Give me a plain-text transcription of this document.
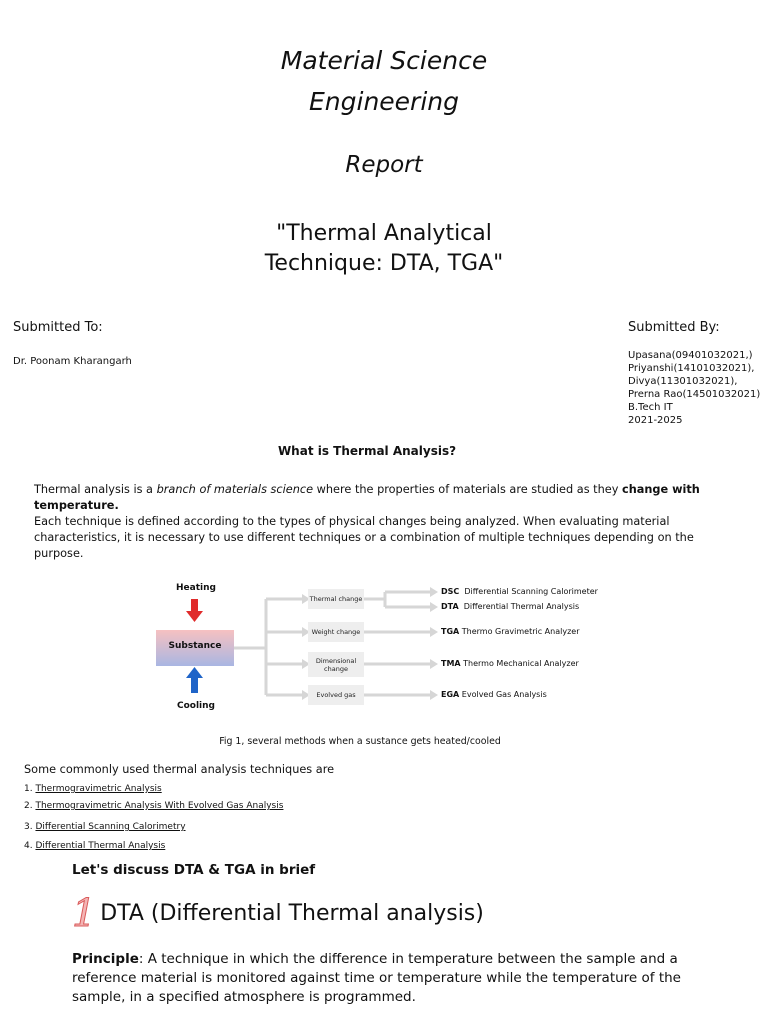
Material Science
Engineering
Report
"Thermal Analytical
Technique: DTA, TGA"
Submitted To:
Dr. Poonam Kharangarh
Submitted By:
Upasana(09401032021,)
Priyanshi(14101032021),
Divya(11301032021),
Prerna Rao(14501032021)
B.Tech IT
2021-2025
What is Thermal Analysis?
Thermal analysis is a branch of materials science where the properties of materials are studied as they change with temperature.
Each technique is defined according to the types of physical changes being analyzed. When evaluating material characteristics, it is necessary to use different techniques or a combination of multiple techniques depending on the purpose.
Heating
Substance
Cooling
Thermal change
Weight change
Dimensional change
Evolved gas
DSC Differential Scanning Calorimeter
DTA Differential Thermal Analysis
TGA Thermo Gravimetric Analyzer
TMA Thermo Mechanical Analyzer
EGA Evolved Gas Analysis
Fig 1, several methods when a sustance gets heated/cooled
Some commonly used thermal analysis techniques are
1. Thermogravimetric Analysis
2. Thermogravimetric Analysis With Evolved Gas Analysis
3. Differential Scanning Calorimetry
4. Differential Thermal Analysis
Let's discuss DTA & TGA in brief
1 DTA (Differential Thermal analysis)
Principle: A technique in which the difference in temperature between the sample and a reference material is monitored against time or temperature while the temperature of the sample, in a specified atmosphere is programmed.
